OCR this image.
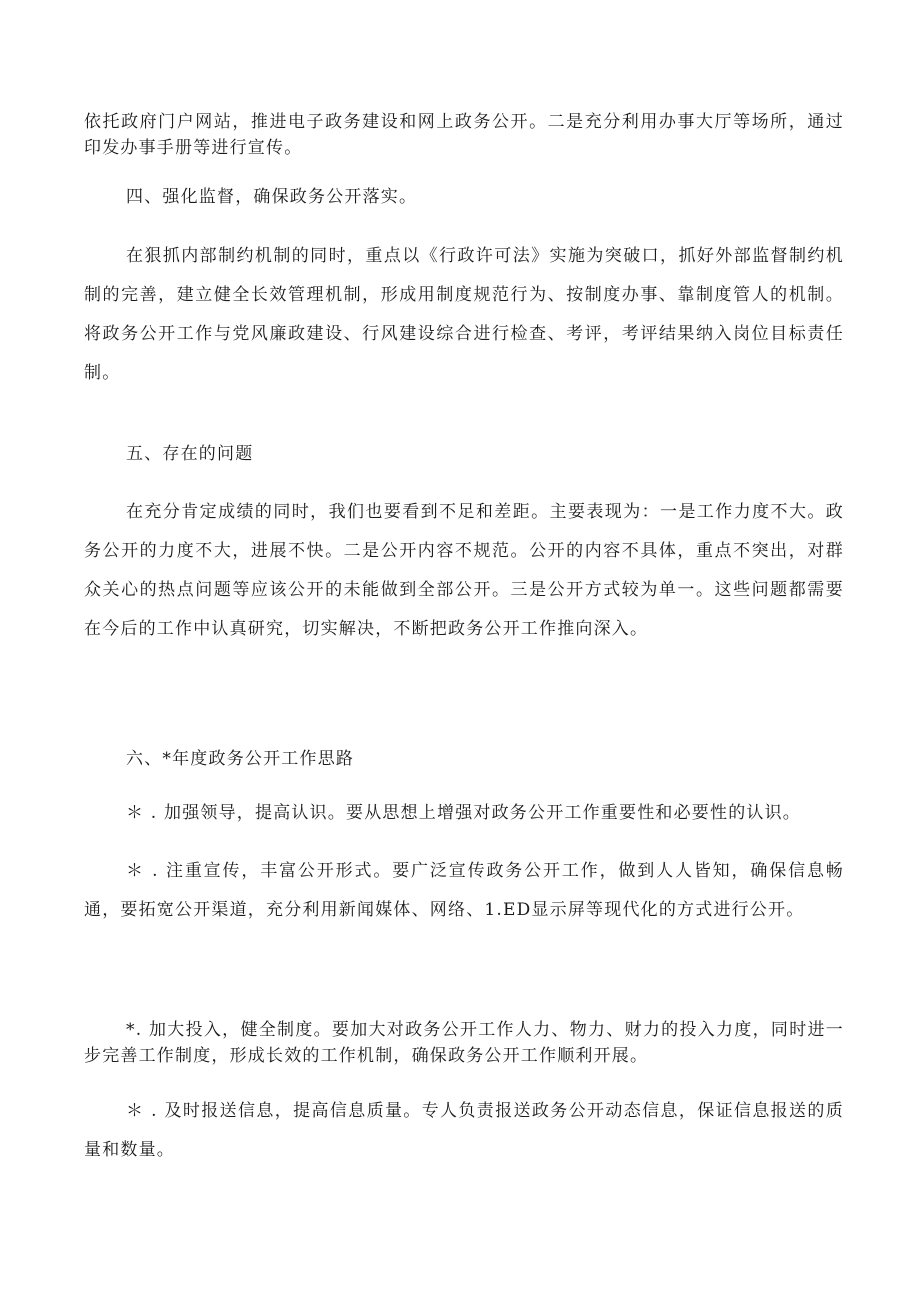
依托政府门户网站，推进电子政务建设和网上政务公开。二是充分利用办事大厅等场所，通过印发办事手册等进行宣传。

四、强化监督，确保政务公开落实。

在狠抓内部制约机制的同时，重点以《行政许可法》实施为突破口，抓好外部监督制约机制的完善，建立健全长效管理机制，形成用制度规范行为、按制度办事、靠制度管人的机制。将政务公开工作与党风廉政建设、行风建设综合进行检查、考评，考评结果纳入岗位目标责任制。

五、存在的问题

在充分肯定成绩的同时，我们也要看到不足和差距。主要表现为：一是工作力度不大。政务公开的力度不大，进展不快。二是公开内容不规范。公开的内容不具体，重点不突出，对群众关心的热点问题等应该公开的未能做到全部公开。三是公开方式较为单一。这些问题都需要在今后的工作中认真研究，切实解决，不断把政务公开工作推向深入。

六、*年度政务公开工作思路

＊ . 加强领导，提高认识。要从思想上增强对政务公开工作重要性和必要性的认识。

＊ . 注重宣传，丰富公开形式。要广泛宣传政务公开工作，做到人人皆知，确保信息畅通，要拓宽公开渠道，充分利用新闻媒体、网络、1.ED显示屏等现代化的方式进行公开。

*. 加大投入，健全制度。要加大对政务公开工作人力、物力、财力的投入力度，同时进一步完善工作制度，形成长效的工作机制，确保政务公开工作顺利开展。

＊ . 及时报送信息，提高信息质量。专人负责报送政务公开动态信息，保证信息报送的质量和数量。
